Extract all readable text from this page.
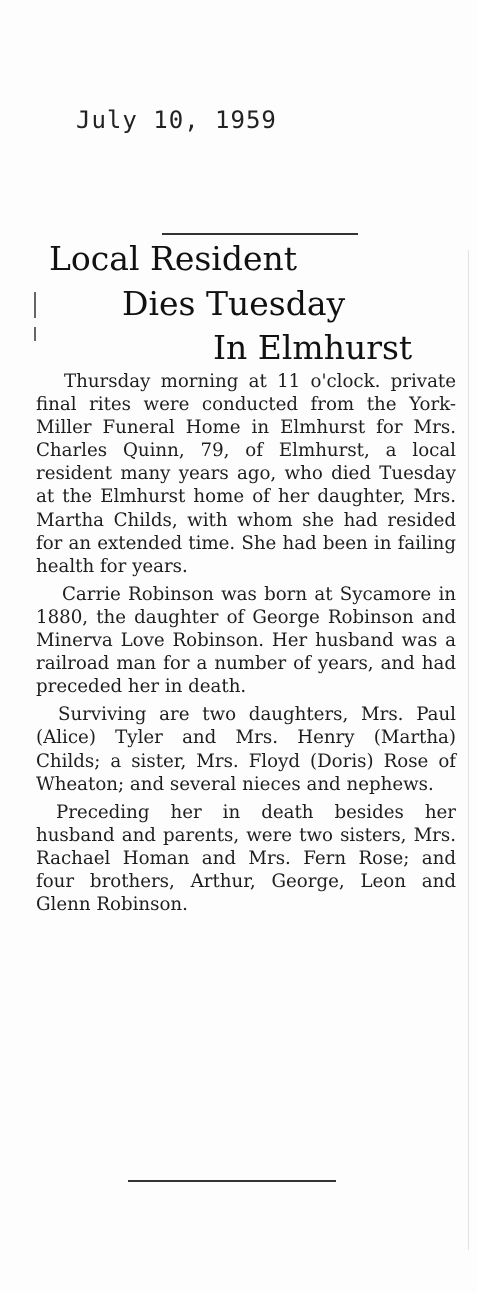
July 10, 1959
Local Resident
Dies Tuesday
In Elmhurst

Thursday morning at 11 o'clock. private final rites were conducted from the York-Miller Funeral Home in Elmhurst for Mrs. Charles Quinn, 79, of Elmhurst, a local resident many years ago, who died Tuesday at the Elmhurst home of her daughter, Mrs. Martha Childs, with whom she had resided for an extended time. She had been in failing health for years.

Carrie Robinson was born at Sycamore in 1880, the daughter of George Robinson and Minerva Love Robinson. Her husband was a railroad man for a number of years, and had preceded her in death.

Surviving are two daughters, Mrs. Paul (Alice) Tyler and Mrs. Henry (Martha) Childs; a sister, Mrs. Floyd (Doris) Rose of Wheaton; and several nieces and nephews.

Preceding her in death besides her husband and parents, were two sisters, Mrs. Rachael Homan and Mrs. Fern Rose; and four brothers, Arthur, George, Leon and Glenn Robinson.
